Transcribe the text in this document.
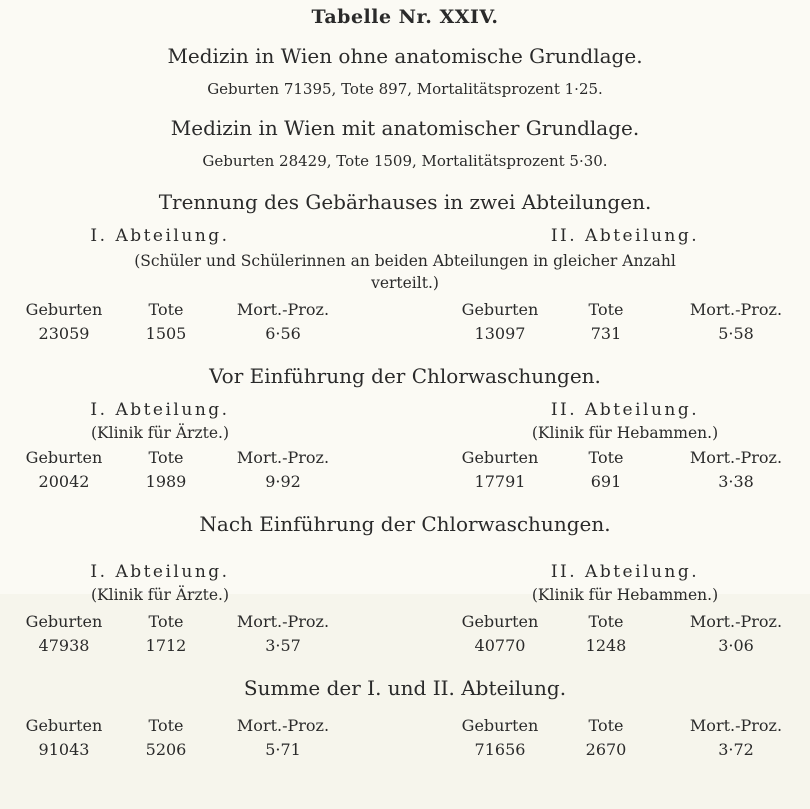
Tabelle Nr. XXIV.
Medizin in Wien ohne anatomische Grundlage.
Geburten 71395, Tote 897, Mortalitätsprozent 1·25.
Medizin in Wien mit anatomischer Grundlage.
Geburten 28429, Tote 1509, Mortalitätsprozent 5·30.
Trennung des Gebärhauses in zwei Abteilungen.
I. Abteilung.	II. Abteilung.
(Schüler und Schülerinnen an beiden Abteilungen in gleicher Anzahl
verteilt.)
Geburten	Tote	Mort.-Proz.	Geburten	Tote	Mort.-Proz.
23059	1505	6·56	13097	731	5·58
Vor Einführung der Chlorwaschungen.
I. Abteilung.	II. Abteilung.
(Klinik für Ärzte.)	(Klinik für Hebammen.)
Geburten	Tote	Mort.-Proz.	Geburten	Tote	Mort.-Proz.
20042	1989	9·92	17791	691	3·38
Nach Einführung der Chlorwaschungen.
I. Abteilung.	II. Abteilung.
(Klinik für Ärzte.)	(Klinik für Hebammen.)
Geburten	Tote	Mort.-Proz.	Geburten	Tote	Mort.-Proz.
47938	1712	3·57	40770	1248	3·06
Summe der I. und II. Abteilung.
Geburten	Tote	Mort.-Proz.	Geburten	Tote	Mort.-Proz.
91043	5206	5·71	71656	2670	3·72
